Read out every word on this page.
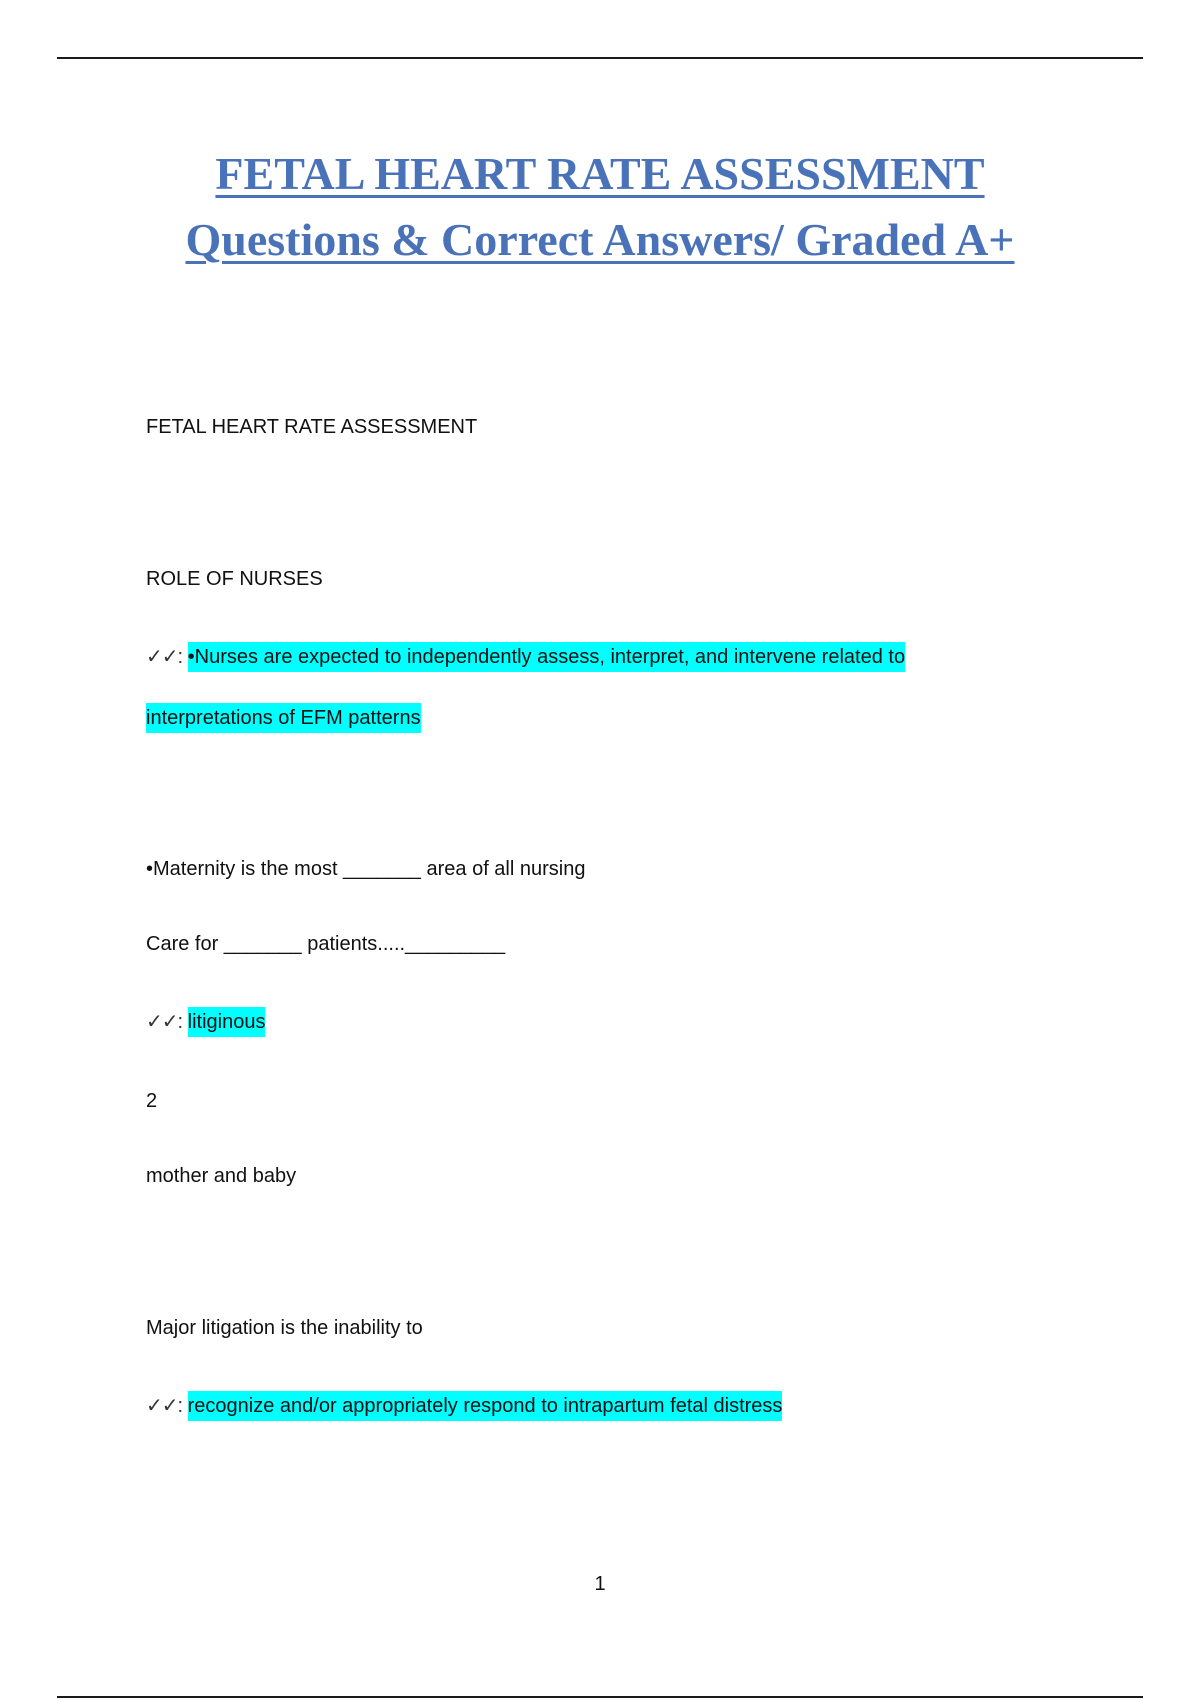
FETAL HEART RATE ASSESSMENT
Questions & Correct Answers/ Graded A+
FETAL HEART RATE ASSESSMENT
ROLE OF NURSES
✓✓: •Nurses are expected to independently assess, interpret, and intervene related to
interpretations of EFM patterns
•Maternity is the most _______ area of all nursing
Care for _______ patients....._________
✓✓: litiginous
2
mother and baby
Major litigation is the inability to
✓✓: recognize and/or appropriately respond to intrapartum fetal distress
1
